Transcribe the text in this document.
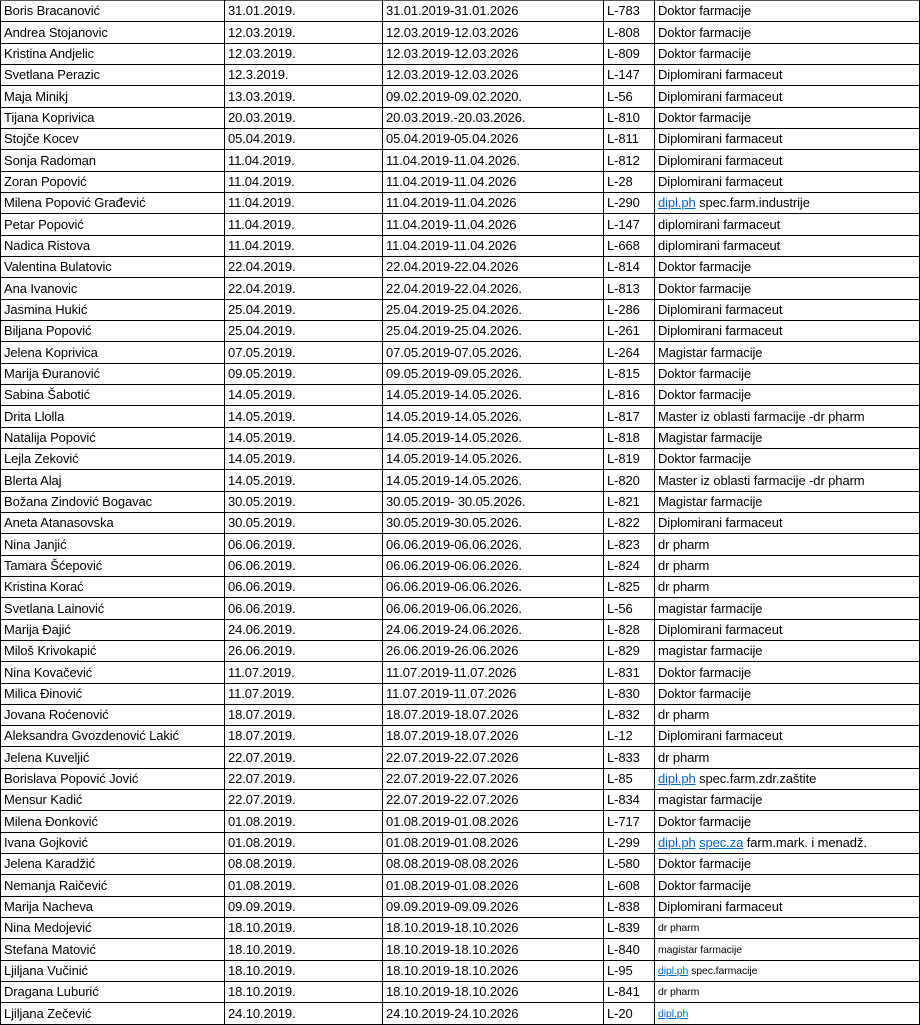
Boris Bracanović	31.01.2019.	31.01.2019-31.01.2026	L-783	Doktor farmacije
Andrea Stojanovic	12.03.2019.	12.03.2019-12.03.2026	L-808	Doktor farmacije
Kristina Andjelic	12.03.2019.	12.03.2019-12.03.2026	L-809	Doktor farmacije
Svetlana Perazic	12.3.2019.	12.03.2019-12.03.2026	L-147	Diplomirani farmaceut
Maja Minikj	13.03.2019.	09.02.2019-09.02.2020.	L-56	Diplomirani farmaceut
Tijana Koprivica	20.03.2019.	20.03.2019.-20.03.2026.	L-810	Doktor farmacije
Stojče Kocev	05.04.2019.	05.04.2019-05.04.2026	L-811	Diplomirani farmaceut
Sonja Radoman	11.04.2019.	11.04.2019-11.04.2026.	L-812	Diplomirani farmaceut
Zoran Popović	11.04.2019.	11.04.2019-11.04.2026	L-28	Diplomirani farmaceut
Milena Popović Građević	11.04.2019.	11.04.2019-11.04.2026	L-290	dipl.ph spec.farm.industrije
Petar Popović	11.04.2019.	11.04.2019-11.04.2026	L-147	diplomirani farmaceut
Nadica Ristova	11.04.2019.	11.04.2019-11.04.2026	L-668	diplomirani farmaceut
Valentina Bulatovic	22.04.2019.	22.04.2019-22.04.2026	L-814	Doktor farmacije
Ana Ivanovic	22.04.2019.	22.04.2019-22.04.2026.	L-813	Doktor farmacije
Jasmina Hukić	25.04.2019.	25.04.2019-25.04.2026.	L-286	Diplomirani farmaceut
Biljana Popović	25.04.2019.	25.04.2019-25.04.2026.	L-261	Diplomirani farmaceut
Jelena Koprivica	07.05.2019.	07.05.2019-07.05.2026.	L-264	Magistar farmacije
Marija Đuranović	09.05.2019.	09.05.2019-09.05.2026.	L-815	Doktor farmacije
Sabina Šabotić	14.05.2019.	14.05.2019-14.05.2026.	L-816	Doktor farmacije
Drita Llolla	14.05.2019.	14.05.2019-14.05.2026.	L-817	Master iz oblasti farmacije -dr pharm
Natalija Popović	14.05.2019.	14.05.2019-14.05.2026.	L-818	Magistar farmacije
Lejla Zeković	14.05.2019.	14.05.2019-14.05.2026.	L-819	Doktor farmacije
Blerta Alaj	14.05.2019.	14.05.2019-14.05.2026.	L-820	Master iz oblasti farmacije -dr pharm
Božana Zindović Bogavac	30.05.2019.	30.05.2019- 30.05.2026.	L-821	Magistar farmacije
Aneta Atanasovska	30.05.2019.	30.05.2019-30.05.2026.	L-822	Diplomirani farmaceut
Nina Janjić	06.06.2019.	06.06.2019-06.06.2026.	L-823	dr pharm
Tamara Šćepović	06.06.2019.	06.06.2019-06.06.2026.	L-824	dr pharm
Kristina Korać	06.06.2019.	06.06.2019-06.06.2026.	L-825	dr pharm
Svetlana Lainović	06.06.2019.	06.06.2019-06.06.2026.	L-56	magistar farmacije
Marija Đajić	24.06.2019.	24.06.2019-24.06.2026.	L-828	Diplomirani farmaceut
Miloš Krivokapić	26.06.2019.	26.06.2019-26.06.2026	L-829	magistar farmacije
Nina Kovačević	11.07.2019.	11.07.2019-11.07.2026	L-831	Doktor farmacije
Milica Đinović	11.07.2019.	11.07.2019-11.07.2026	L-830	Doktor farmacije
Jovana Roćenović	18.07.2019.	18.07.2019-18.07.2026	L-832	dr pharm
Aleksandra Gvozdenović Lakić	18.07.2019.	18.07.2019-18.07.2026	L-12	Diplomirani farmaceut
Jelena Kuveljić	22.07.2019.	22.07.2019-22.07.2026	L-833	dr pharm
Borislava Popović Jović	22.07.2019.	22.07.2019-22.07.2026	L-85	dipl.ph spec.farm.zdr.zaštite
Mensur Kadić	22.07.2019.	22.07.2019-22.07.2026	L-834	magistar farmacije
Milena Đonković	01.08.2019.	01.08.2019-01.08.2026	L-717	Doktor farmacije
Ivana Gojković	01.08.2019.	01.08.2019-01.08.2026	L-299	dipl.ph spec.za farm.mark. i menadž.
Jelena Karadžić	08.08.2019.	08.08.2019-08.08.2026	L-580	Doktor farmacije
Nemanja Raičević	01.08.2019.	01.08.2019-01.08.2026	L-608	Doktor farmacije
Marija Nacheva	09.09.2019.	09.09.2019-09.09.2026	L-838	Diplomirani farmaceut
Nina Medojević	18.10.2019.	18.10.2019-18.10.2026	L-839	dr pharm
Stefana Matović	18.10.2019.	18.10.2019-18.10.2026	L-840	magistar farmacije
Ljiljana Vučinić	18.10.2019.	18.10.2019-18.10.2026	L-95	dipl.ph spec.farmacije
Dragana Luburić	18.10.2019.	18.10.2019-18.10.2026	L-841	dr pharm
Ljiljana Zečević	24.10.2019.	24.10.2019-24.10.2026	L-20	dipl.ph
